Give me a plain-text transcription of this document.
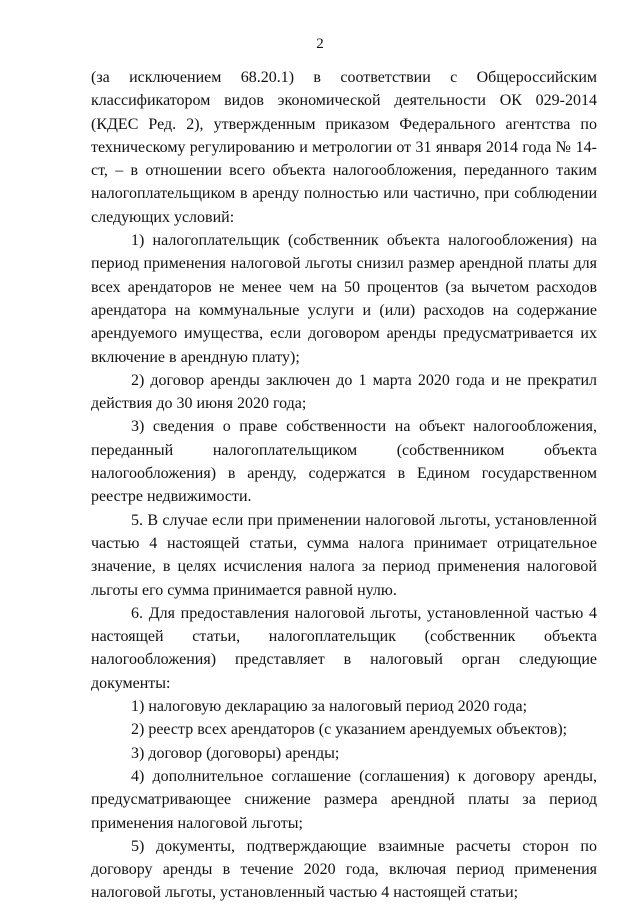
2

(за исключением 68.20.1) в соответствии с Общероссийским классификатором видов экономической деятельности ОК 029-2014 (КДЕС Ред. 2), утвержденным приказом Федерального агентства по техническому регулированию и метрологии от 31 января 2014 года № 14-ст, – в отношении всего объекта налогообложения, переданного таким налогоплательщиком в аренду полностью или частично, при соблюдении следующих условий:

1) налогоплательщик (собственник объекта налогообложения) на период применения налоговой льготы снизил размер арендной платы для всех арендаторов не менее чем на 50 процентов (за вычетом расходов арендатора на коммунальные услуги и (или) расходов на содержание арендуемого имущества, если договором аренды предусматривается их включение в арендную плату);

2) договор аренды заключен до 1 марта 2020 года и не прекратил действия до 30 июня 2020 года;

3) сведения о праве собственности на объект налогообложения, переданный налогоплательщиком (собственником объекта налогообложения) в аренду, содержатся в Едином государственном реестре недвижимости.

5. В случае если при применении налоговой льготы, установленной частью 4 настоящей статьи, сумма налога принимает отрицательное значение, в целях исчисления налога за период применения налоговой льготы его сумма принимается равной нулю.

6. Для предоставления налоговой льготы, установленной частью 4 настоящей статьи, налогоплательщик (собственник объекта налогообложения) представляет в налоговый орган следующие документы:

1) налоговую декларацию за налоговый период 2020 года;

2) реестр всех арендаторов (с указанием арендуемых объектов);

3) договор (договоры) аренды;

4) дополнительное соглашение (соглашения) к договору аренды, предусматривающее снижение размера арендной платы за период применения налоговой льготы;

5) документы, подтверждающие взаимные расчеты сторон по договору аренды в течение 2020 года, включая период применения налоговой льготы, установленный частью 4 настоящей статьи;
